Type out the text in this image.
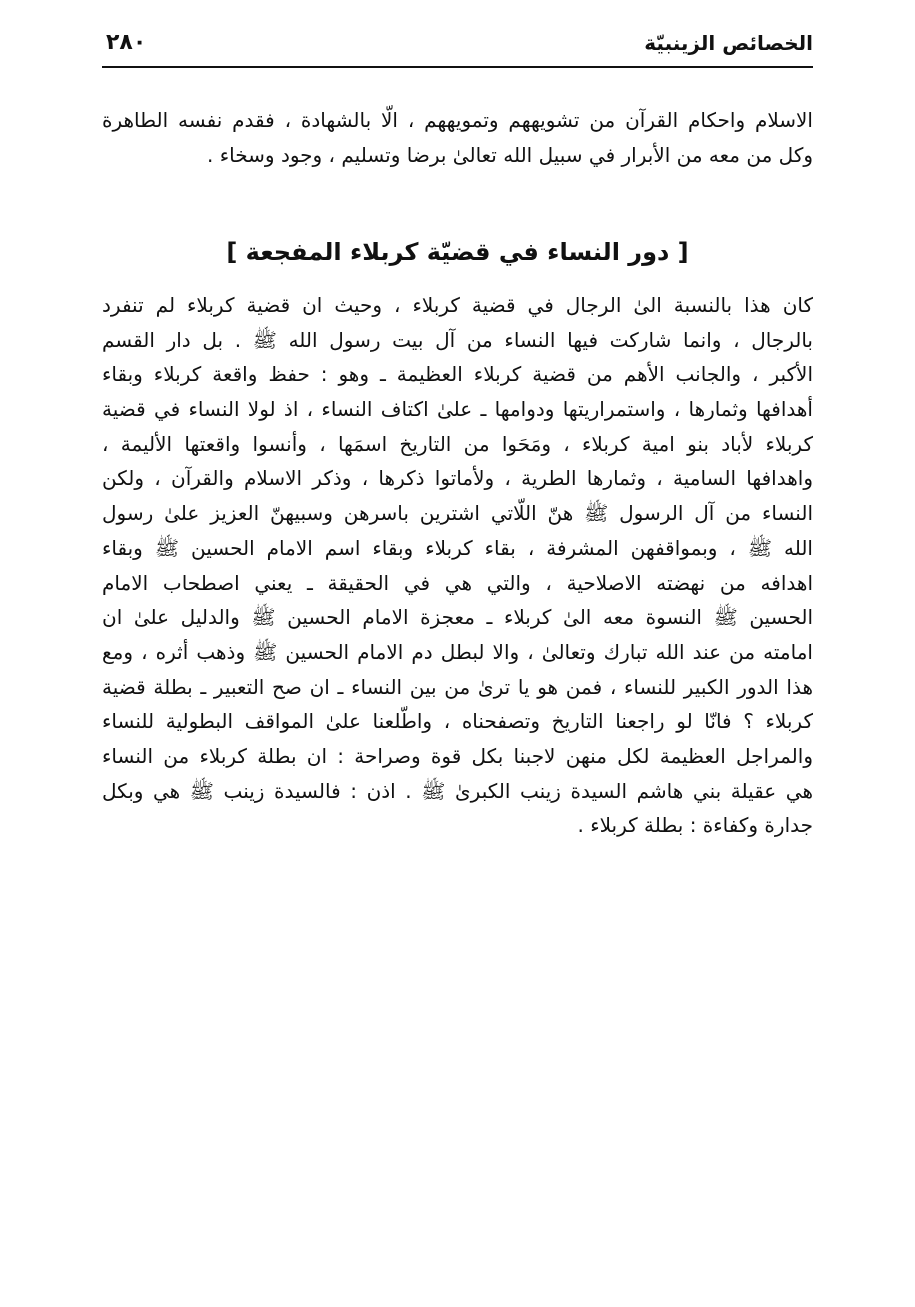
الخصائص الزينبيّة
٢٨٠

الاسلام واحكام القرآن من تشويههم وتمويههم ، الّا بالشهادة ، فقدم نفسه الطاهرة
وكل من معه من الأبرار في سبيل الله تعالىٰ برضا وتسليم ، وجود وسخاء .

[ دور النساء في قضيّة كربلاء المفجعة ]

كان هذا بالنسبة الىٰ الرجال في قضية كربلاء ، وحيث ان قضية كربلاء لم تنفرد
بالرجال ، وانما شاركت فيها النساء من آل بيت رسول الله ﷺ . بل دار القسم
الأكبر ، والجانب الأهم من قضية كربلاء العظيمة ـ وهو : حفظ واقعة كربلاء وبقاء
أهدافها وثمارها ، واستمراريتها ودوامها ـ علىٰ اكتاف النساء ، اذ لولا النساء في قضية
كربلاء لأباد بنو امية كربلاء ، ومَحَوا من التاريخ اسمَها ، وأنسوا واقعتها الأليمة ،
واهدافها السامية ، وثمارها الطرية ، ولأماتوا ذكرها ، وذكر الاسلام والقرآن ، ولكن
النساء من آل الرسول ﷺ هنّ اللّاتي اشترين باسرهن وسبيهنّ العزيز علىٰ رسول
الله ﷺ ، وبمواقفهن المشرفة ، بقاء كربلاء وبقاء اسم الامام الحسين ﷺ وبقاء
اهدافه من نهضته الاصلاحية ، والتي هي في الحقيقة ـ يعني اصطحاب الامام
الحسين ﷺ النسوة معه الىٰ كربلاء ـ معجزة الامام الحسين ﷺ والدليل علىٰ ان
امامته من عند الله تبارك وتعالىٰ ، والا لبطل دم الامام الحسين ﷺ وذهب أثره ، ومع
هذا الدور الكبير للنساء ، فمن هو يا ترىٰ من بين النساء ـ ان صح التعبير ـ بطلة قضية
كربلاء ؟ فانّا لو راجعنا التاريخ وتصفحناه ، واطّلعنا علىٰ المواقف البطولية للنساء
والمراجل العظيمة لكل منهن لاجبنا بكل قوة وصراحة : ان بطلة كربلاء من النساء
هي عقيلة بني هاشم السيدة زينب الكبرىٰ ﷺ . اذن : فالسيدة زينب ﷺ هي وبكل
جدارة وكفاءة : بطلة كربلاء .
